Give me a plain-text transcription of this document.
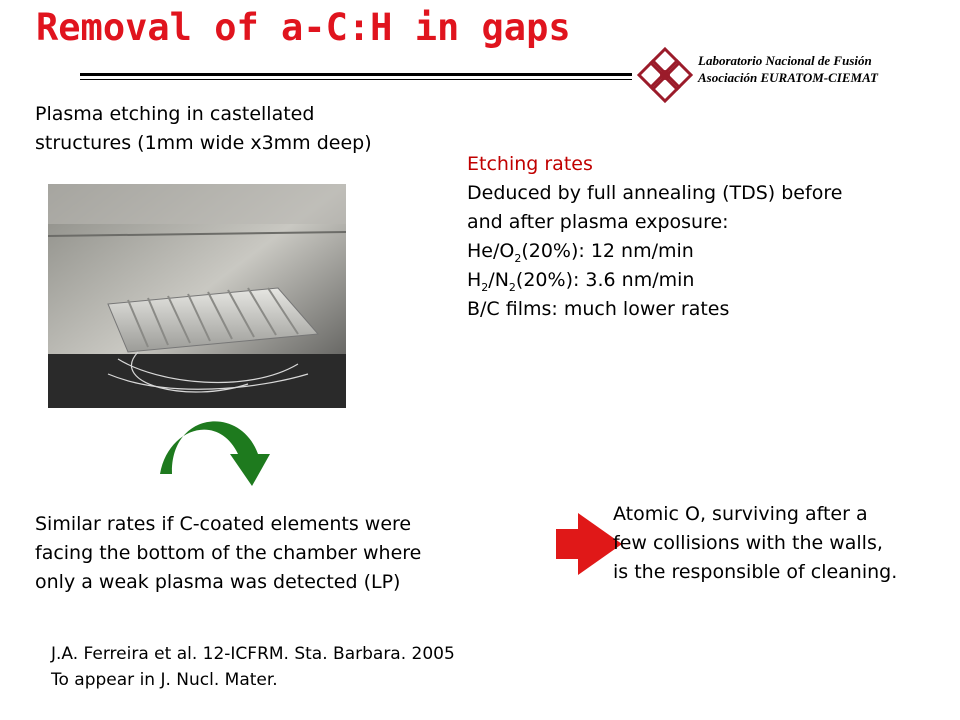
Removal of a-C:H in gaps
Laboratorio Nacional de Fusión
Asociación EURATOM-CIEMAT
Plasma etching in castellated
structures (1mm wide x3mm deep)
Etching rates
Deduced by full annealing (TDS) before
and after plasma exposure:
$He/O_2(20\%)$: 12 nm/min
$H_2/N_2(20\%)$: 3.6 nm/min
B/C films: much lower rates
Similar rates if C-coated elements were
facing the bottom of the chamber where
only a weak plasma was detected (LP)
Atomic O, surviving after a
few collisions with the walls,
is the responsible of cleaning.
J.A. Ferreira et al. 12-ICFRM. Sta. Barbara. 2005
To appear in J. Nucl. Mater.
